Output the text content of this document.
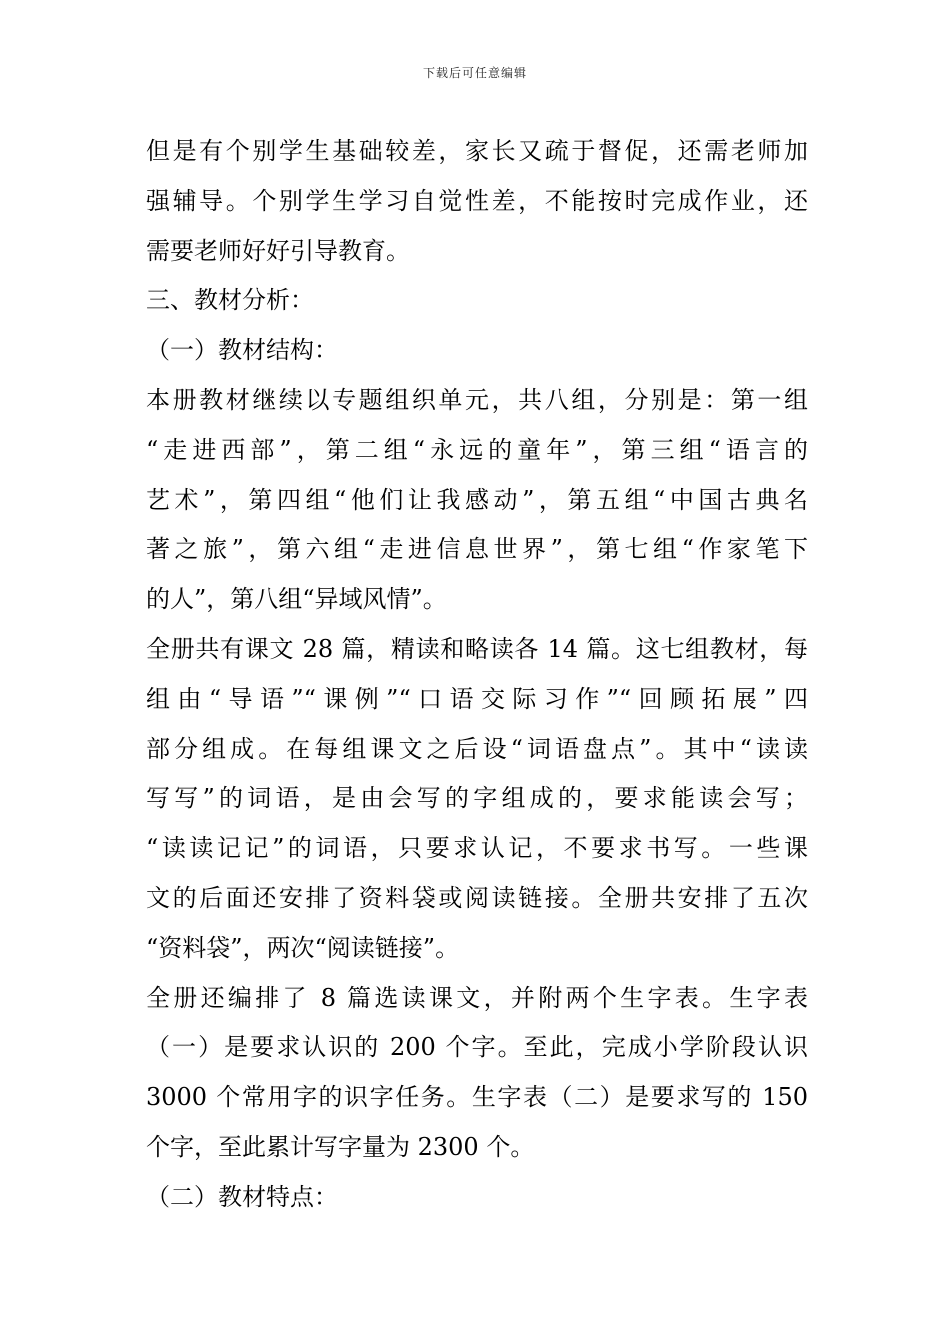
下载后可任意编辑
但是有个别学生基础较差，家长又疏于督促，还需老师加
强辅导。个别学生学习自觉性差，不能按时完成作业，还
需要老师好好引导教育。
三、教材分析：
（一）教材结构：
本册教材继续以专题组织单元，共八组，分别是：第一组
“走进西部”，第二组“永远的童年”，第三组“语言的
艺术”，第四组“他们让我感动”，第五组“中国古典名
著之旅”，第六组“走进信息世界”，第七组“作家笔下
的人”，第八组“异域风情”。
全册共有课文 28 篇，精读和略读各 14 篇。这七组教材，每
组由“导语”“课例”“口语交际习作”“回顾拓展”四
部分组成。在每组课文之后设“词语盘点”。其中“读读
写写”的词语，是由会写的字组成的，要求能读会写；
“读读记记”的词语，只要求认记，不要求书写。一些课
文的后面还安排了资料袋或阅读链接。全册共安排了五次
“资料袋”，两次“阅读链接”。
全册还编排了 8 篇选读课文，并附两个生字表。生字表
（一）是要求认识的 200 个字。至此，完成小学阶段认识
3000 个常用字的识字任务。生字表（二）是要求写的 150
个字，至此累计写字量为 2300 个。
（二）教材特点：
